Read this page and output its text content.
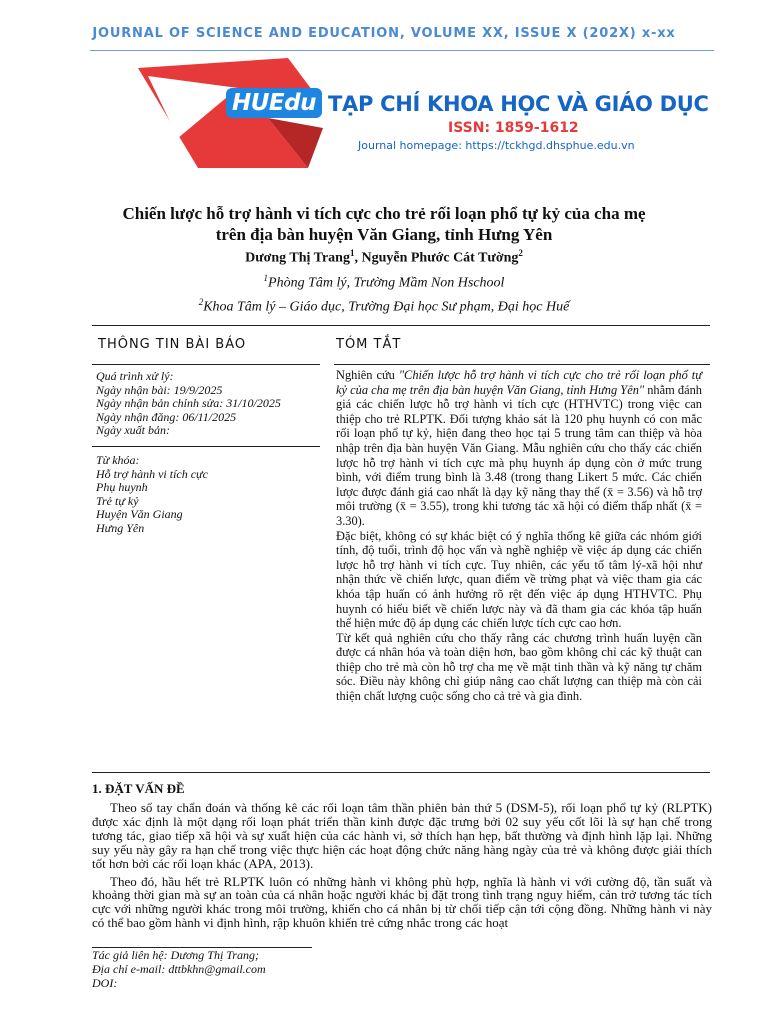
JOURNAL OF SCIENCE AND EDUCATION, VOLUME XX, ISSUE X (202X) x-xx
HUEdu TẠP CHÍ KHOA HỌC VÀ GIÁO DỤC
ISSN: 1859-1612
Journal homepage: https://tckhgd.dhsphue.edu.vn
Chiến lược hỗ trợ hành vi tích cực cho trẻ rối loạn phổ tự kỷ của cha mẹ
trên địa bàn huyện Văn Giang, tỉnh Hưng Yên
Dương Thị Trang$^1$, Nguyễn Phước Cát Tường$^2$
$^1$Phòng Tâm lý, Trường Mầm Non Hschool
$^2$Khoa Tâm lý – Giáo dục, Trường Đại học Sư phạm, Đại học Huế
THÔNG TIN BÀI BÁO	TÓM TẮT
Quá trình xử lý:
Ngày nhận bài: 19/9/2025
Ngày nhận bản chỉnh sửa: 31/10/2025
Ngày nhận đăng: 06/11/2025
Ngày xuất bản:
Từ khóa:
Hỗ trợ hành vi tích cực
Phụ huynh
Trẻ tự kỷ
Huyện Văn Giang
Hưng Yên

Nghiên cứu "Chiến lược hỗ trợ hành vi tích cực cho trẻ rối loạn phổ tự kỷ của cha mẹ trên địa bàn huyện Văn Giang, tỉnh Hưng Yên" nhằm đánh giá các chiến lược hỗ trợ hành vi tích cực (HTHVTC) trong việc can thiệp cho trẻ RLPTK. Đối tượng khảo sát là 120 phụ huynh có con mắc rối loạn phổ tự kỷ, hiện đang theo học tại 5 trung tâm can thiệp và hòa nhập trên địa bàn huyện Văn Giang. Mẫu nghiên cứu cho thấy các chiến lược hỗ trợ hành vi tích cực mà phụ huynh áp dụng còn ở mức trung bình, với điểm trung bình là 3.48 (trong thang Likert 5 mức. Các chiến lược được đánh giá cao nhất là dạy kỹ năng thay thế (x̄ = 3.56) và hỗ trợ môi trường (x̄ = 3.55), trong khi tương tác xã hội có điểm thấp nhất (x̄ = 3.30).

Đặc biệt, không có sự khác biệt có ý nghĩa thống kê giữa các nhóm giới tính, độ tuổi, trình độ học vấn và nghề nghiệp về việc áp dụng các chiến lược hỗ trợ hành vi tích cực. Tuy nhiên, các yếu tố tâm lý-xã hội như nhận thức về chiến lược, quan điểm về trừng phạt và việc tham gia các khóa tập huấn có ảnh hưởng rõ rệt đến việc áp dụng HTHVTC. Phụ huynh có hiểu biết về chiến lược này và đã tham gia các khóa tập huấn thể hiện mức độ áp dụng các chiến lược tích cực cao hơn.

Từ kết quả nghiên cứu cho thấy rằng các chương trình huấn luyện cần được cá nhân hóa và toàn diện hơn, bao gồm không chỉ các kỹ thuật can thiệp cho trẻ mà còn hỗ trợ cha mẹ về mặt tinh thần và kỹ năng tự chăm sóc. Điều này không chỉ giúp nâng cao chất lượng can thiệp mà còn cải thiện chất lượng cuộc sống cho cả trẻ và gia đình.

1. ĐẶT VẤN ĐỀ

Theo sổ tay chẩn đoán và thống kê các rối loạn tâm thần phiên bản thứ 5 (DSM-5), rối loạn phổ tự kỷ (RLPTK) được xác định là một dạng rối loạn phát triển thần kinh được đặc trưng bởi 02 suy yếu cốt lõi là sự hạn chế trong tương tác, giao tiếp xã hội và sự xuất hiện của các hành vi, sở thích hạn hẹp, bất thường và định hình lặp lại. Những suy yếu này gây ra hạn chế trong việc thực hiện các hoạt động chức năng hàng ngày của trẻ và không được giải thích tốt hơn bởi các rối loạn khác (APA, 2013).

Theo đó, hầu hết trẻ RLPTK luôn có những hành vi không phù hợp, nghĩa là hành vi với cường độ, tần suất và khoảng thời gian mà sự an toàn của cá nhân hoặc người khác bị đặt trong tình trạng nguy hiểm, cản trở tương tác tích cực với những người khác trong môi trường, khiến cho cá nhân bị từ chối tiếp cận tới cộng đồng. Những hành vi này có thể bao gồm hành vi định hình, rập khuôn khiến trẻ cứng nhắc trong các hoạt

Tác giả liên hệ: Dương Thị Trang;
Địa chỉ e-mail: dttbkhn@gmail.com
DOI:
